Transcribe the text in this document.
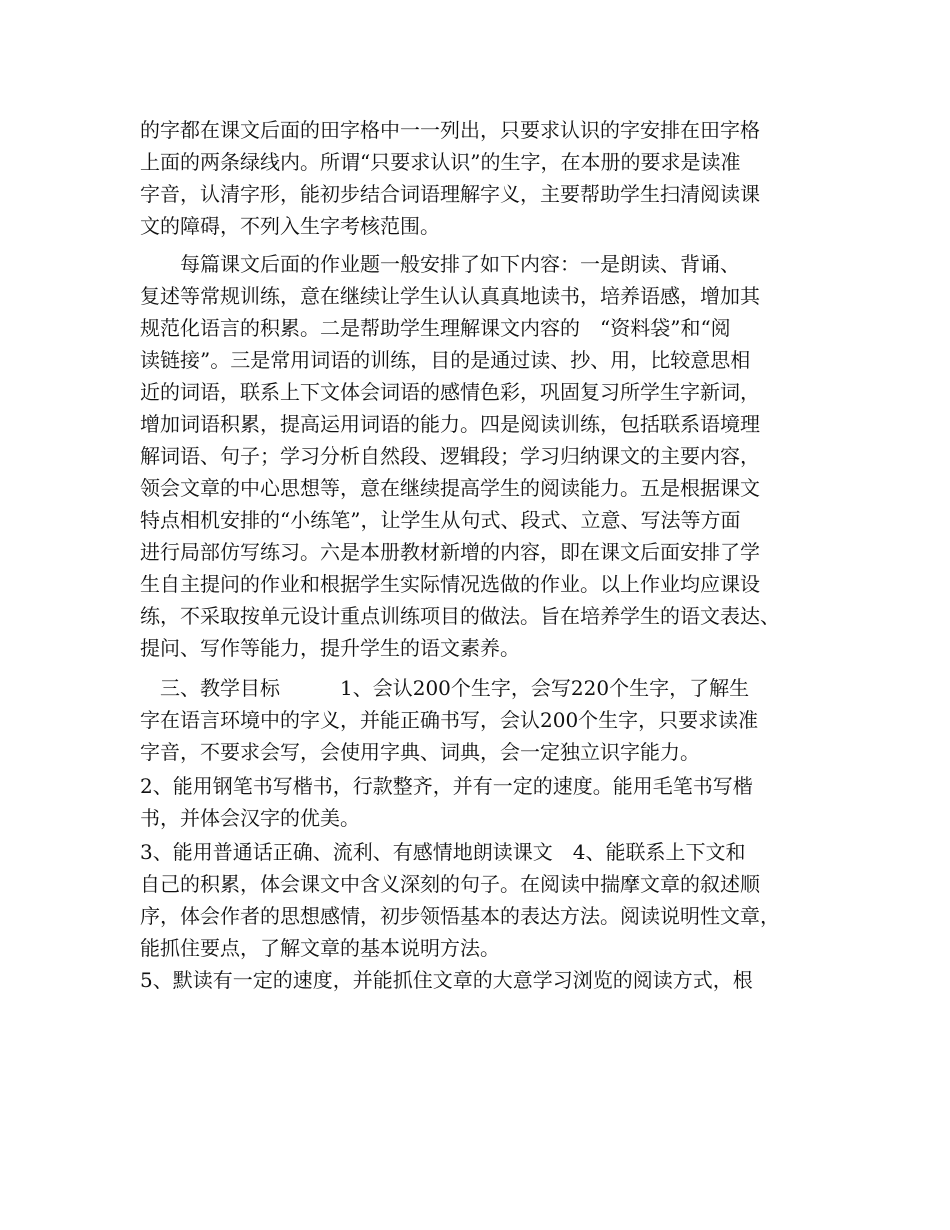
的字都在课文后面的田字格中一一列出，只要求认识的字安排在田字格
上面的两条绿线内。所谓“只要求认识”的生字，在本册的要求是读准
字音，认清字形，能初步结合词语理解字义，主要帮助学生扫清阅读课
文的障碍，不列入生字考核范围。
　　每篇课文后面的作业题一般安排了如下内容：一是朗读、背诵、
复述等常规训练，意在继续让学生认认真真地读书，培养语感，增加其
规范化语言的积累。二是帮助学生理解课文内容的　“资料袋”和“阅
读链接”。三是常用词语的训练，目的是通过读、抄、用，比较意思相
近的词语，联系上下文体会词语的感情色彩，巩固复习所学生字新词，
增加词语积累，提高运用词语的能力。四是阅读训练，包括联系语境理
解词语、句子；学习分析自然段、逻辑段；学习归纳课文的主要内容，
领会文章的中心思想等，意在继续提高学生的阅读能力。五是根据课文
特点相机安排的“小练笔”，让学生从句式、段式、立意、写法等方面
进行局部仿写练习。六是本册教材新增的内容，即在课文后面安排了学
生自主提问的作业和根据学生实际情况选做的作业。以上作业均应课设
练，不采取按单元设计重点训练项目的做法。旨在培养学生的语文表达、
提问、写作等能力，提升学生的语文素养。
　三、教学目标　　　1、会认200个生字，会写220个生字，了解生
字在语言环境中的字义，并能正确书写，会认200个生字，只要求读准
字音，不要求会写，会使用字典、词典，会一定独立识字能力。
2、能用钢笔书写楷书，行款整齐，并有一定的速度。能用毛笔书写楷
书，并体会汉字的优美。
3、能用普通话正确、流利、有感情地朗读课文　4、能联系上下文和
自己的积累，体会课文中含义深刻的句子。在阅读中揣摩文章的叙述顺
序，体会作者的思想感情，初步领悟基本的表达方法。阅读说明性文章，
能抓住要点，了解文章的基本说明方法。
5、默读有一定的速度，并能抓住文章的大意学习浏览的阅读方式，根
